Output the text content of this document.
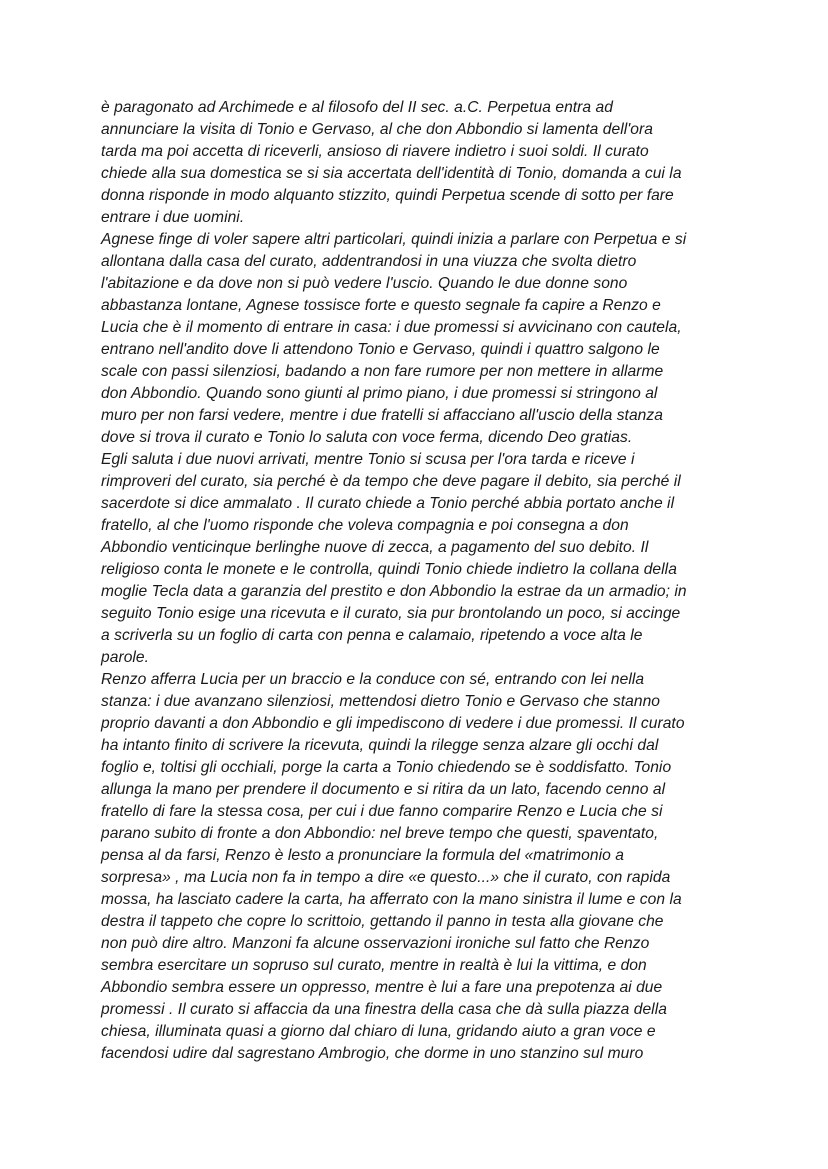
è paragonato ad Archimede e al filosofo del II sec. a.C. Perpetua entra ad
annunciare la visita di Tonio e Gervaso, al che don Abbondio si lamenta dell'ora
tarda ma poi accetta di riceverli, ansioso di riavere indietro i suoi soldi. Il curato
chiede alla sua domestica se si sia accertata dell'identità di Tonio, domanda a cui la
donna risponde in modo alquanto stizzito, quindi Perpetua scende di sotto per fare
entrare i due uomini.
Agnese finge di voler sapere altri particolari, quindi inizia a parlare con Perpetua e si
allontana dalla casa del curato, addentrandosi in una viuzza che svolta dietro
l'abitazione e da dove non si può vedere l'uscio. Quando le due donne sono
abbastanza lontane, Agnese tossisce forte e questo segnale fa capire a Renzo e
Lucia che è il momento di entrare in casa: i due promessi si avvicinano con cautela,
entrano nell'andito dove li attendono Tonio e Gervaso, quindi i quattro salgono le
scale con passi silenziosi, badando a non fare rumore per non mettere in allarme
don Abbondio. Quando sono giunti al primo piano, i due promessi si stringono al
muro per non farsi vedere, mentre i due fratelli si affacciano all'uscio della stanza
dove si trova il curato e Tonio lo saluta con voce ferma, dicendo Deo gratias.
Egli saluta i due nuovi arrivati, mentre Tonio si scusa per l'ora tarda e riceve i
rimproveri del curato, sia perché è da tempo che deve pagare il debito, sia perché il
sacerdote si dice ammalato . Il curato chiede a Tonio perché abbia portato anche il
fratello, al che l'uomo risponde che voleva compagnia e poi consegna a don
Abbondio venticinque berlinghe nuove di zecca, a pagamento del suo debito. Il
religioso conta le monete e le controlla, quindi Tonio chiede indietro la collana della
moglie Tecla data a garanzia del prestito e don Abbondio la estrae da un armadio; in
seguito Tonio esige una ricevuta e il curato, sia pur brontolando un poco, si accinge
a scriverla su un foglio di carta con penna e calamaio, ripetendo a voce alta le
parole.
Renzo afferra Lucia per un braccio e la conduce con sé, entrando con lei nella
stanza: i due avanzano silenziosi, mettendosi dietro Tonio e Gervaso che stanno
proprio davanti a don Abbondio e gli impediscono di vedere i due promessi. Il curato
ha intanto finito di scrivere la ricevuta, quindi la rilegge senza alzare gli occhi dal
foglio e, toltisi gli occhiali, porge la carta a Tonio chiedendo se è soddisfatto. Tonio
allunga la mano per prendere il documento e si ritira da un lato, facendo cenno al
fratello di fare la stessa cosa, per cui i due fanno comparire Renzo e Lucia che si
parano subito di fronte a don Abbondio: nel breve tempo che questi, spaventato,
pensa al da farsi, Renzo è lesto a pronunciare la formula del «matrimonio a
sorpresa» , ma Lucia non fa in tempo a dire «e questo...» che il curato, con rapida
mossa, ha lasciato cadere la carta, ha afferrato con la mano sinistra il lume e con la
destra il tappeto che copre lo scrittoio, gettando il panno in testa alla giovane che
non può dire altro. Manzoni fa alcune osservazioni ironiche sul fatto che Renzo
sembra esercitare un sopruso sul curato, mentre in realtà è lui la vittima, e don
Abbondio sembra essere un oppresso, mentre è lui a fare una prepotenza ai due
promessi . Il curato si affaccia da una finestra della casa che dà sulla piazza della
chiesa, illuminata quasi a giorno dal chiaro di luna, gridando aiuto a gran voce e
facendosi udire dal sagrestano Ambrogio, che dorme in uno stanzino sul muro
